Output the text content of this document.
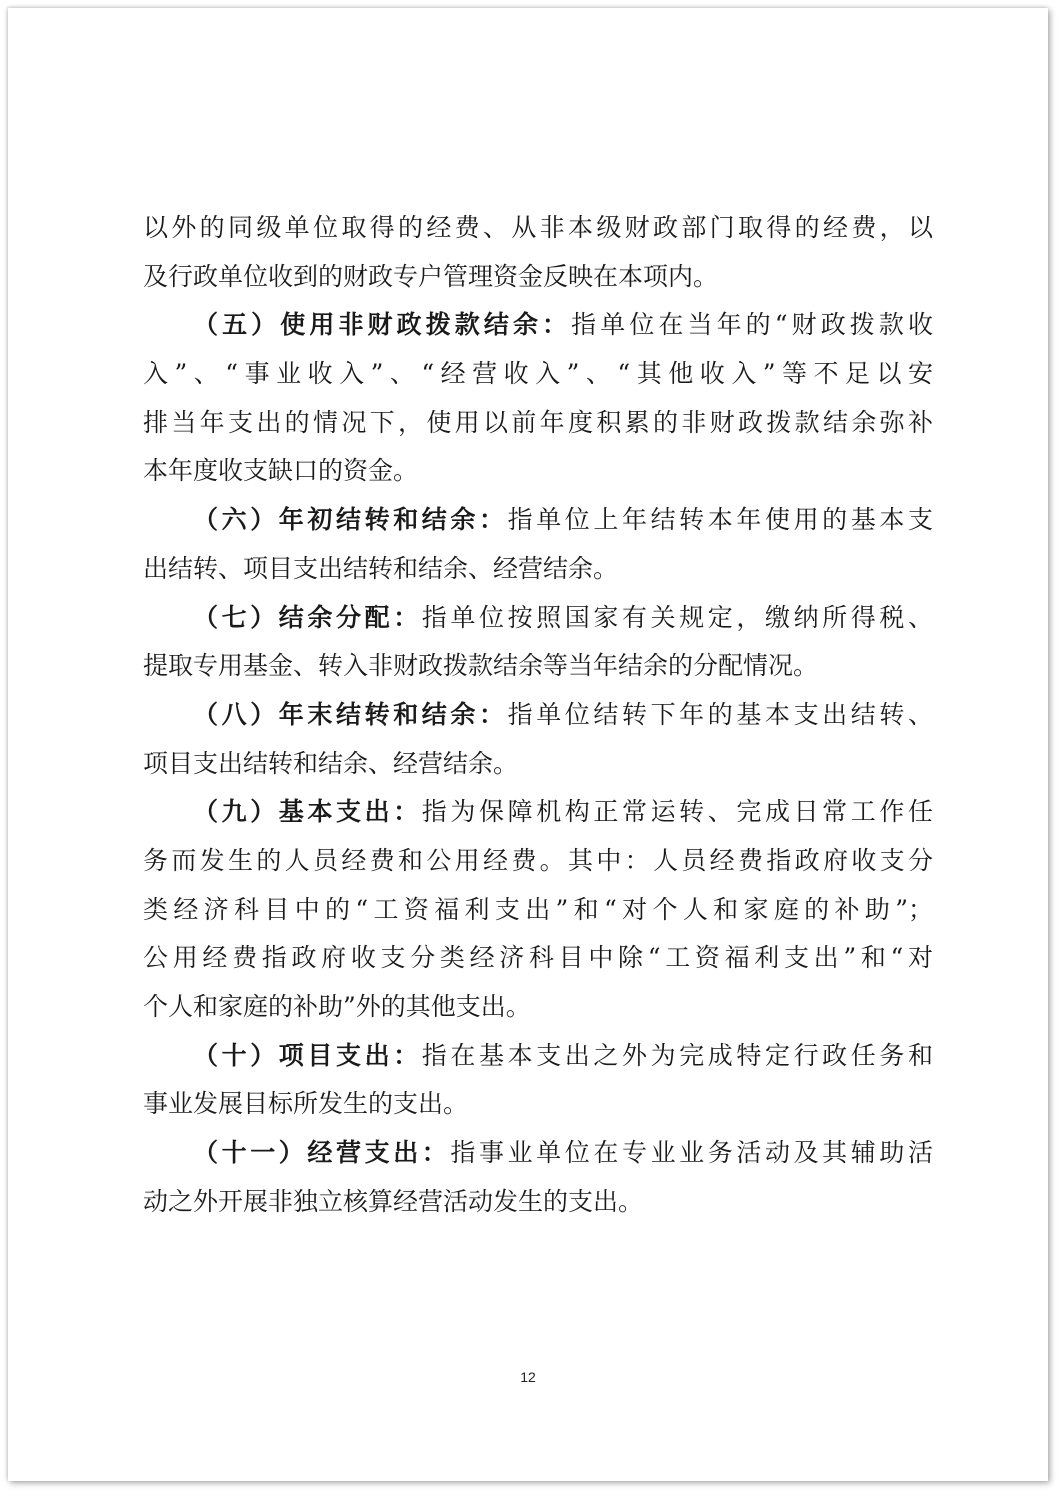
以外的同级单位取得的经费、从非本级财政部门取得的经费，以
及行政单位收到的财政专户管理资金反映在本项内。
（五）使用非财政拨款结余：指单位在当年的“财政拨款收
入”、“事业收入”、“经营收入”、“其他收入”等不足以安
排当年支出的情况下，使用以前年度积累的非财政拨款结余弥补
本年度收支缺口的资金。
（六）年初结转和结余：指单位上年结转本年使用的基本支
出结转、项目支出结转和结余、经营结余。
（七）结余分配：指单位按照国家有关规定，缴纳所得税、
提取专用基金、转入非财政拨款结余等当年结余的分配情况。
（八）年末结转和结余：指单位结转下年的基本支出结转、
项目支出结转和结余、经营结余。
（九）基本支出：指为保障机构正常运转、完成日常工作任
务而发生的人员经费和公用经费。其中：人员经费指政府收支分
类经济科目中的“工资福利支出”和“对个人和家庭的补助”；
公用经费指政府收支分类经济科目中除“工资福利支出”和“对
个人和家庭的补助”外的其他支出。
（十）项目支出：指在基本支出之外为完成特定行政任务和
事业发展目标所发生的支出。
（十一）经营支出：指事业单位在专业业务活动及其辅助活
动之外开展非独立核算经营活动发生的支出。
12
